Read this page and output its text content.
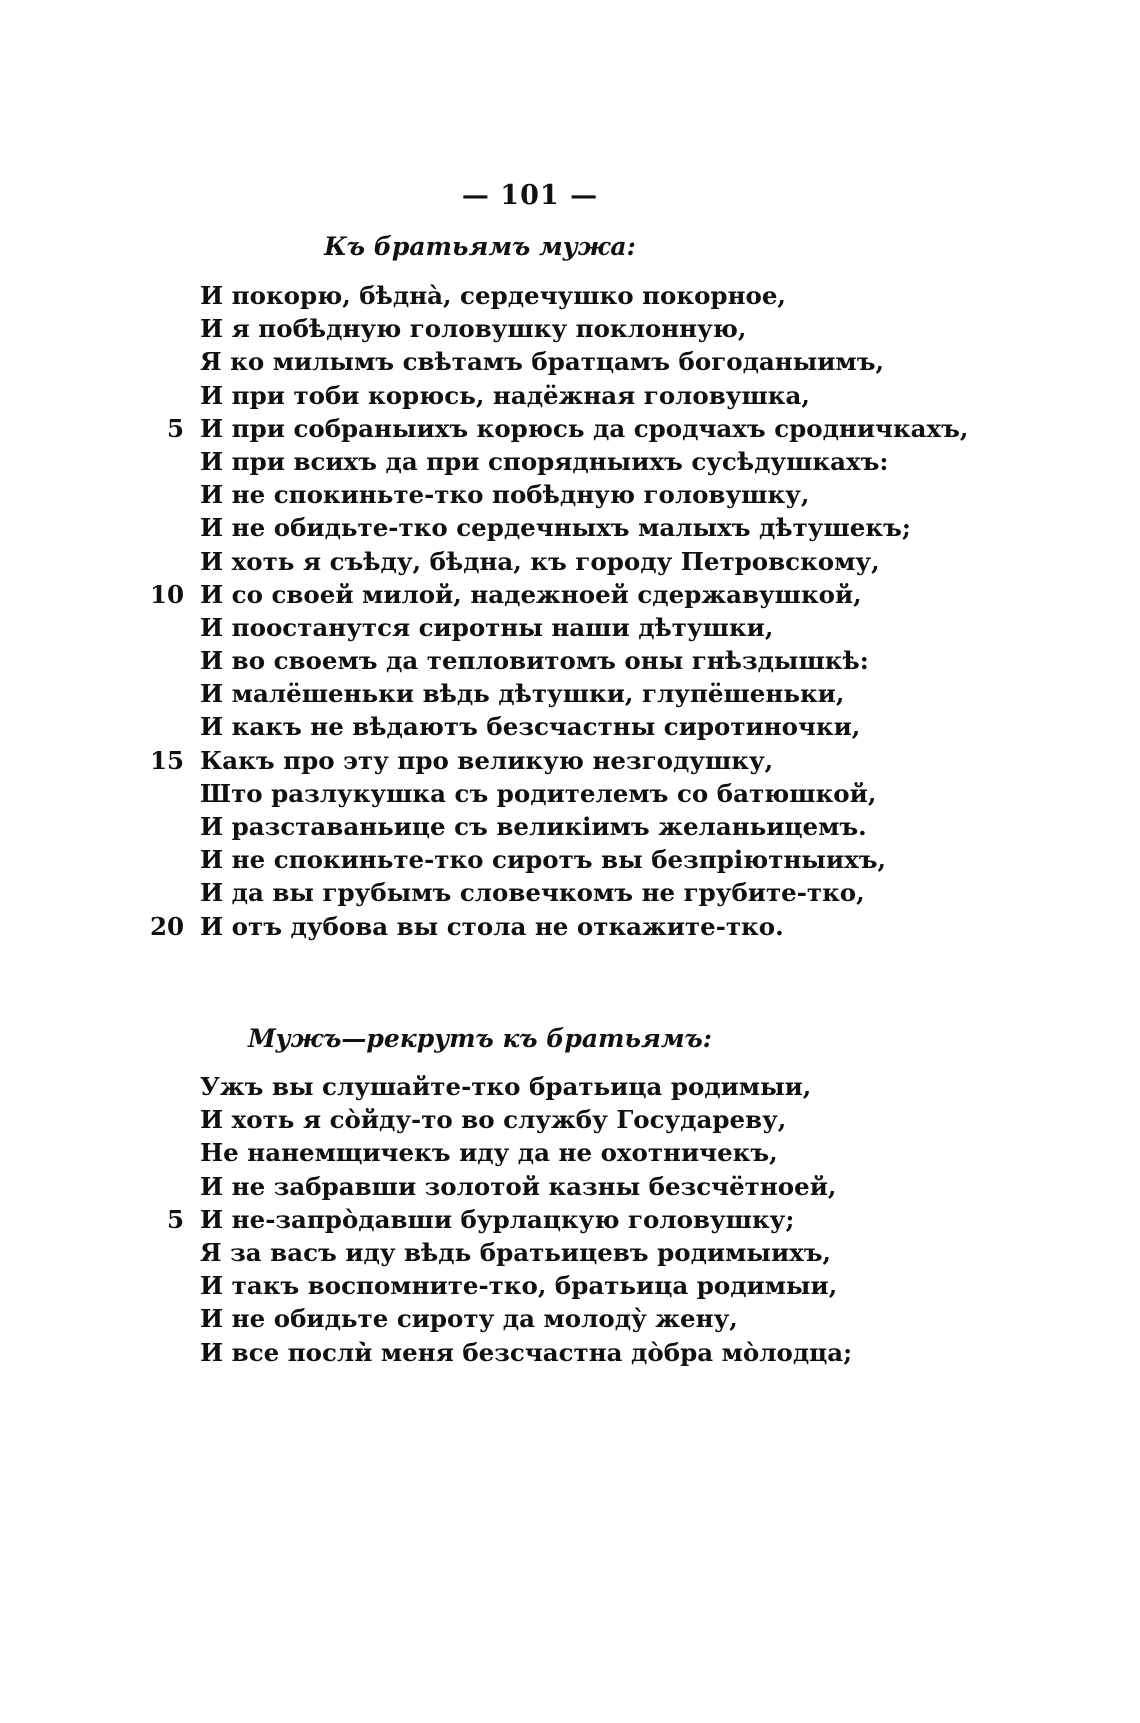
— 101 —
Къ братьямъ мужа:
И покорю, бѣдна̀, сердечушко покорное,
И я побѣдную головушку поклонную,
Я ко милымъ свѣтамъ братцамъ богоданыимъ,
И при тоби корюсь, надёжная головушка,
5 И при собраныихъ корюсь да сродчахъ сродничкахъ,
И при всихъ да при спорядныихъ сусѣдушкахъ:
И не спокиньте-тко побѣдную головушку,
И не обидьте-тко сердечныхъ малыхъ дѣтушекъ;
И хоть я съѣду, бѣдна, къ городу Петровскому,
10 И со своей милой, надежноей сдержавушкой,
И поостанутся сиротны наши дѣтушки,
И во своемъ да тепловитомъ оны гнѣздышкѣ:
И малёшеньки вѣдь дѣтушки, глупёшеньки,
И какъ не вѣдаютъ безсчастны сиротиночки,
15 Какъ про эту про великую незгодушку,
Што разлукушка съ родителемъ со батюшкой,
И разставаньице съ великіимъ желаньицемъ.
И не спокиньте-тко сиротъ вы безпріютныихъ,
И да вы грубымъ словечкомъ не грубите-тко,
20 И отъ дубова вы стола не откажите-тко.
Мужъ—рекрутъ къ братьямъ:
Ужъ вы слушайте-тко братьица родимыи,
И хоть я со̀йду-то во службу Государеву,
Не нанемщичекъ иду да не охотничекъ,
И не забравши золотой казны безсчётноей,
5 И не-запро̀давши бурлацкую головушку;
Я за васъ иду вѣдь братьицевъ родимыихъ,
И такъ воспомните-тко, братьица родимыи,
И не обидьте сироту да молоду̀ жену,
И все посли̇̀ меня безсчастна до̀бра мо̀лодца;
